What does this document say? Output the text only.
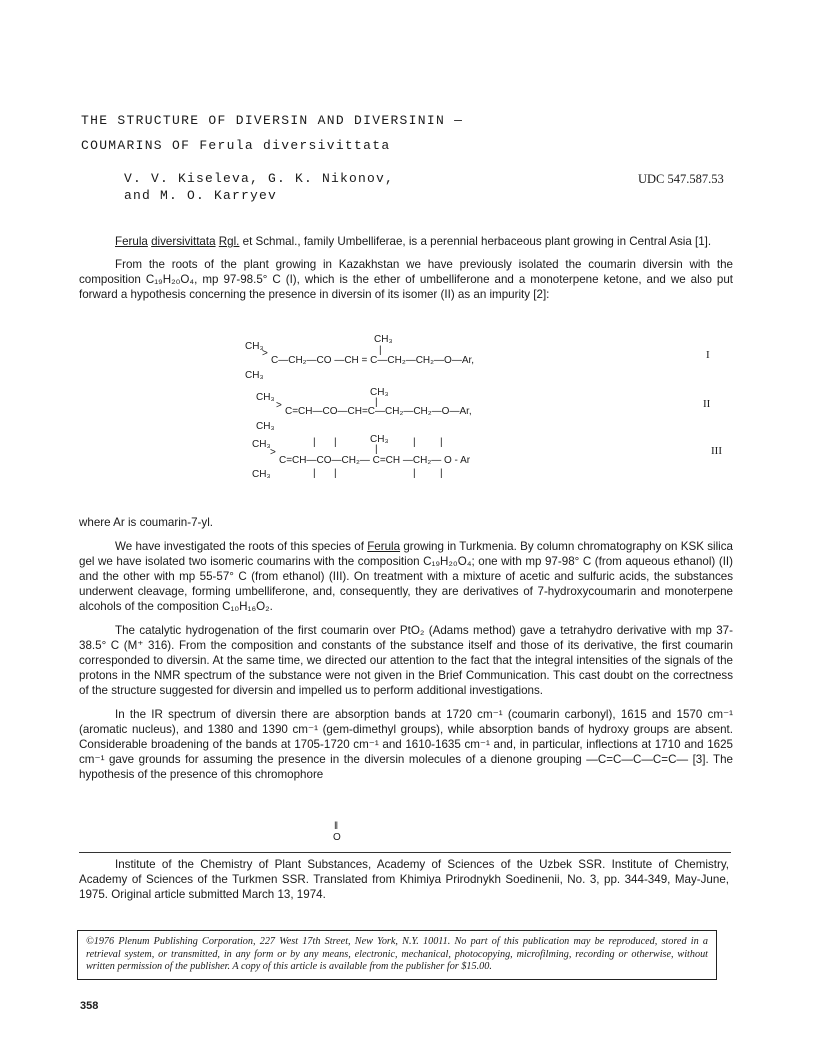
THE STRUCTURE OF DIVERSIN AND DIVERSININ —
COUMARINS OF Ferula diversivittata
V. V. Kiseleva, G. K. Nikonov,
and M. O. Karryev
UDC 547.587.53

Ferula diversivittata Rgl. et Schmal., family Umbelliferae, is a perennial herbaceous plant growing in Central Asia [1].

From the roots of the plant growing in Kazakhstan we have previously isolated the coumarin diversin with the composition C₁₉H₂₀O₄, mp 97-98.5° C (I), which is the ether of umbelliferone and a monoterpene ketone, and we also put forward a hypothesis concerning the presence in diversin of its isomer (II) as an impurity [2]:

CH₃
|
CH₃
>
C—CH₂—CO —CH = C—CH₂—CH₂—O—Ar,
CH₃
I
CH₃
|
CH₃
>
C=CH—CO—CH=C—CH₂—CH₂—O—Ar,
CH₃
II
CH₃
| |
|
| |
CH₃
>
C=CH—CO—CH₂— C=CH —CH₂— O - Ar
CH₃	| |	| |
III

where Ar is coumarin-7-yl.

We have investigated the roots of this species of Ferula growing in Turkmenia. By column chromatography on KSK silica gel we have isolated two isomeric coumarins with the composition C₁₉H₂₀O₄; one with mp 97-98° C (from aqueous ethanol) (II) and the other with mp 55-57° C (from ethanol) (III). On treatment with a mixture of acetic and sulfuric acids, the substances underwent cleavage, forming umbelliferone, and, consequently, they are derivatives of 7-hydroxycoumarin and monoterpene alcohols of the composition C₁₀H₁₆O₂.

The catalytic hydrogenation of the first coumarin over PtO₂ (Adams method) gave a tetrahydro derivative with mp 37-38.5° C (M⁺ 316). From the composition and constants of the substance itself and those of its derivative, the first coumarin corresponded to diversin. At the same time, we directed our attention to the fact that the integral intensities of the signals of the protons in the NMR spectrum of the substance were not given in the Brief Communication. This cast doubt on the correctness of the structure suggested for diversin and impelled us to perform additional investigations.

In the IR spectrum of diversin there are absorption bands at 1720 cm⁻¹ (coumarin carbonyl), 1615 and 1570 cm⁻¹ (aromatic nucleus), and 1380 and 1390 cm⁻¹ (gem-dimethyl groups), while absorption bands of hydroxy groups are absent. Considerable broadening of the bands at 1705-1720 cm⁻¹ and 1610-1635 cm⁻¹ and, in particular, inflections at 1710 and 1625 cm⁻¹ gave grounds for assuming the presence in the diversin molecules of a dienone grouping —C=C—C—C=C— [3]. The hypothesis of the presence of this chromophore

‖
O
Institute of the Chemistry of Plant Substances, Academy of Sciences of the Uzbek SSR. Institute of Chemistry, Academy of Sciences of the Turkmen SSR. Translated from Khimiya Prirodnykh Soedinenii, No. 3, pp. 344-349, May-June, 1975. Original article submitted March 13, 1974.
©1976 Plenum Publishing Corporation, 227 West 17th Street, New York, N.Y. 10011. No part of this publication may be reproduced, stored in a retrieval system, or transmitted, in any form or by any means, electronic, mechanical, photocopying, microfilming, recording or otherwise, without written permission of the publisher. A copy of this article is available from the publisher for $15.00.
358
